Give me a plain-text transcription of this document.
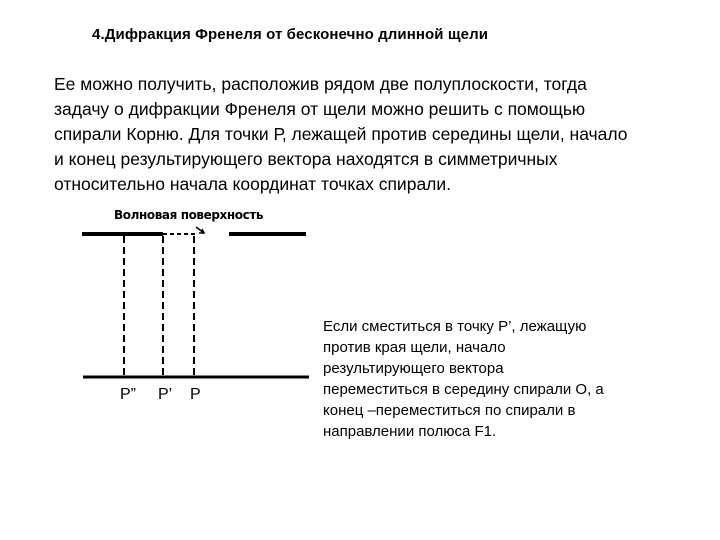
4.Дифракция Френеля от бесконечно длинной щели
Ее можно получить, расположив рядом две полуплоскости, тогда
задачу о дифракции Френеля от щели можно решить с помощью
спирали Корню. Для точки Р, лежащей против середины щели, начало
и конец результирующего вектора находятся в симметричных
относительно начала координат точках спирали.
Волновая поверхность
P” P’ P
Если сместиться в точку Р’, лежащую
против края щели, начало
результирующего вектора
переместиться в середину спирали О, а
конец –переместиться по спирали в
направлении полюса F1.
